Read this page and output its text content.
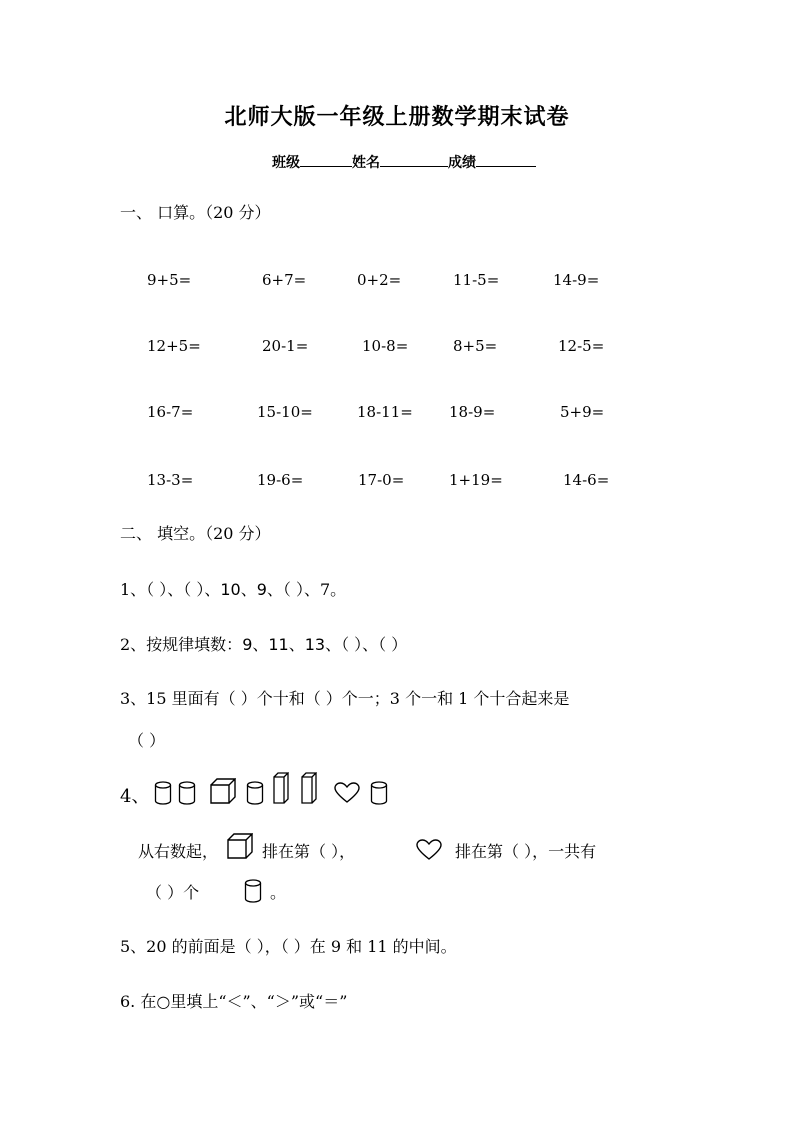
北师大版一年级上册数学期末试卷
班级	姓名	成绩
一、 口算。（20 分）
9+5=	6+7=	0+2=	11-5=	14-9=
12+5=	20-1=	10-8=	8+5=	12-5=
16-7=	15-10=	18-11= 18-9=	5+9=
13-3=	19-6=	17-0=	1+19=	14-6=
二、 填空。（20 分）
1、（ ）、（ ）、10、9、（ ）、7。
2、按规律填数：9、11、13、（ ）、（ ）
3、15 里面有（ ）个十和（ ）个一；3 个一和 1 个十合起来是
（ ）
4、
从右数起，	排在第（ ），	排在第（ ），一共有
（ ）个	。
5、20 的前面是（ ），（ ）在 9 和 11 的中间。
6. 在○里填上“＜”、“＞”或“＝”
